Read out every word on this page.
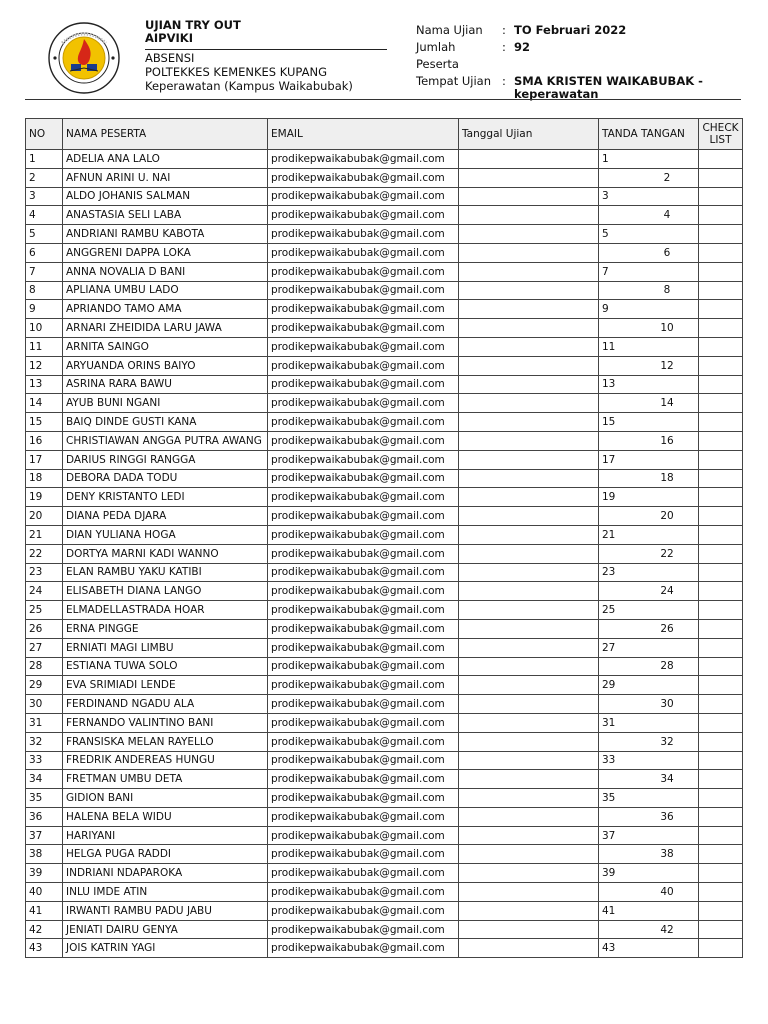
UJIAN TRY OUT
AIPVIKI
ABSENSI
POLTEKKES KEMENKES KUPANG
Keperawatan (Kampus Waikabubak)
Nama Ujian	: TO Februari 2022
Jumlah Peserta
: 92
Tempat Ujian : SMA KRISTEN WAIKABUBAK - keperawatan
NO	NAMA PESERTA	EMAIL	Tanggal Ujian	TANDA TANGAN	CHECK LIST
1	ADELIA ANA LALO	prodikepwaikabubak@gmail.com		1	
2	AFNUN ARINI U. NAI	prodikepwaikabubak@gmail.com		2	
3	ALDO JOHANIS SALMAN	prodikepwaikabubak@gmail.com		3	
4	ANASTASIA SELI LABA	prodikepwaikabubak@gmail.com		4	
5	ANDRIANI RAMBU KABOTA	prodikepwaikabubak@gmail.com		5	
6	ANGGRENI DAPPA LOKA	prodikepwaikabubak@gmail.com		6	
7	ANNA NOVALIA D BANI	prodikepwaikabubak@gmail.com		7	
8	APLIANA UMBU LADO	prodikepwaikabubak@gmail.com		8	
9	APRIANDO TAMO AMA	prodikepwaikabubak@gmail.com		9	
10	ARNARI ZHEIDIDA LARU JAWA	prodikepwaikabubak@gmail.com		10	
11	ARNITA SAINGO	prodikepwaikabubak@gmail.com		11	
12	ARYUANDA ORINS BAIYO	prodikepwaikabubak@gmail.com		12	
13	ASRINA RARA BAWU	prodikepwaikabubak@gmail.com		13	
14	AYUB BUNI NGANI	prodikepwaikabubak@gmail.com		14	
15	BAIQ DINDE GUSTI KANA	prodikepwaikabubak@gmail.com		15	
16	CHRISTIAWAN ANGGA PUTRA AWANG	prodikepwaikabubak@gmail.com		16	
17	DARIUS RINGGI RANGGA	prodikepwaikabubak@gmail.com		17	
18	DEBORA DADA TODU	prodikepwaikabubak@gmail.com		18	
19	DENY KRISTANTO LEDI	prodikepwaikabubak@gmail.com		19	
20	DIANA PEDA DJARA	prodikepwaikabubak@gmail.com		20	
21	DIAN YULIANA HOGA	prodikepwaikabubak@gmail.com		21	
22	DORTYA MARNI KADI WANNO	prodikepwaikabubak@gmail.com		22	
23	ELAN RAMBU YAKU KATIBI	prodikepwaikabubak@gmail.com		23	
24	ELISABETH DIANA LANGO	prodikepwaikabubak@gmail.com		24	
25	ELMADELLASTRADA HOAR	prodikepwaikabubak@gmail.com		25	
26	ERNA PINGGE	prodikepwaikabubak@gmail.com		26	
27	ERNIATI MAGI LIMBU	prodikepwaikabubak@gmail.com		27	
28	ESTIANA TUWA SOLO	prodikepwaikabubak@gmail.com		28	
29	EVA SRIMIADI LENDE	prodikepwaikabubak@gmail.com		29	
30	FERDINAND NGADU ALA	prodikepwaikabubak@gmail.com		30	
31	FERNANDO VALINTINO BANI	prodikepwaikabubak@gmail.com		31	
32	FRANSISKA MELAN RAYELLO	prodikepwaikabubak@gmail.com		32	
33	FREDRIK ANDEREAS HUNGU	prodikepwaikabubak@gmail.com		33	
34	FRETMAN UMBU DETA	prodikepwaikabubak@gmail.com		34	
35	GIDION BANI	prodikepwaikabubak@gmail.com		35	
36	HALENA BELA WIDU	prodikepwaikabubak@gmail.com		36	
37	HARIYANI	prodikepwaikabubak@gmail.com		37	
38	HELGA PUGA RADDI	prodikepwaikabubak@gmail.com		38	
39	INDRIANI NDAPAROKA	prodikepwaikabubak@gmail.com		39	
40	INLU IMDE ATIN	prodikepwaikabubak@gmail.com		40	
41	IRWANTI RAMBU PADU JABU	prodikepwaikabubak@gmail.com		41	
42	JENIATI DAIRU GENYA	prodikepwaikabubak@gmail.com		42	
43	JOIS KATRIN YAGI	prodikepwaikabubak@gmail.com		43	
